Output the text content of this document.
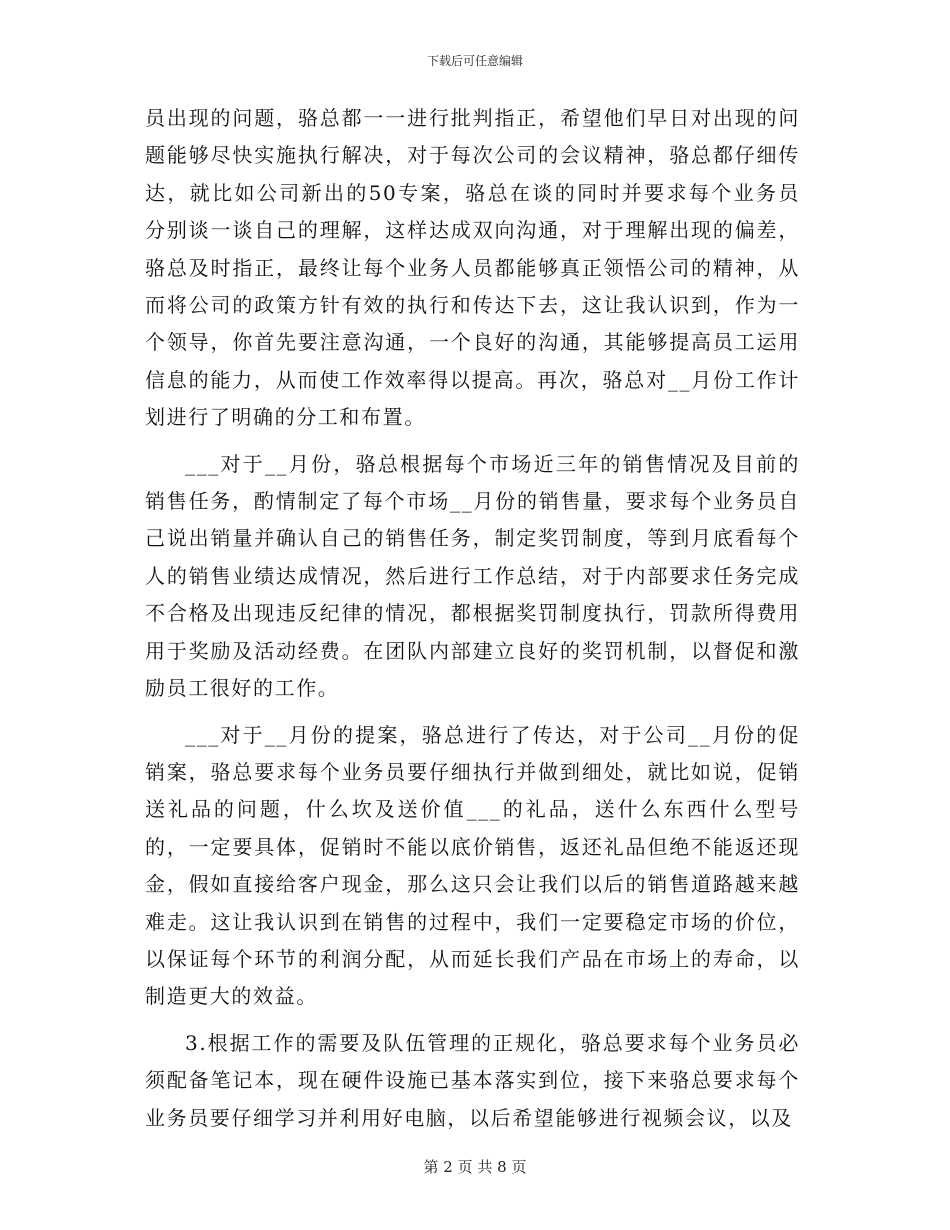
下载后可任意编辑

员出现的问题，骆总都一一进行批判指正，希望他们早日对出现的问题能够尽快实施执行解决，对于每次公司的会议精神，骆总都仔细传达，就比如公司新出的50专案，骆总在谈的同时并要求每个业务员分别谈一谈自己的理解，这样达成双向沟通，对于理解出现的偏差，骆总及时指正，最终让每个业务人员都能够真正领悟公司的精神，从而将公司的政策方针有效的执行和传达下去，这让我认识到，作为一个领导，你首先要注意沟通，一个良好的沟通，其能够提高员工运用信息的能力，从而使工作效率得以提高。再次，骆总对__月份工作计划进行了明确的分工和布置。

___对于__月份，骆总根据每个市场近三年的销售情况及目前的销售任务，酌情制定了每个市场__月份的销售量，要求每个业务员自己说出销量并确认自己的销售任务，制定奖罚制度，等到月底看每个人的销售业绩达成情况，然后进行工作总结，对于内部要求任务完成不合格及出现违反纪律的情况，都根据奖罚制度执行，罚款所得费用用于奖励及活动经费。在团队内部建立良好的奖罚机制，以督促和激励员工很好的工作。

___对于__月份的提案，骆总进行了传达，对于公司__月份的促销案，骆总要求每个业务员要仔细执行并做到细处，就比如说，促销送礼品的问题，什么坎及送价值___的礼品，送什么东西什么型号的，一定要具体，促销时不能以底价销售，返还礼品但绝不能返还现金，假如直接给客户现金，那么这只会让我们以后的销售道路越来越难走。这让我认识到在销售的过程中，我们一定要稳定市场的价位，以保证每个环节的利润分配，从而延长我们产品在市场上的寿命，以制造更大的效益。

3.根据工作的需要及队伍管理的正规化，骆总要求每个业务员必须配备笔记本，现在硬件设施已基本落实到位，接下来骆总要求每个业务员要仔细学习并利用好电脑，以后希望能够进行视频会议，以及

第 2 页 共 8 页
